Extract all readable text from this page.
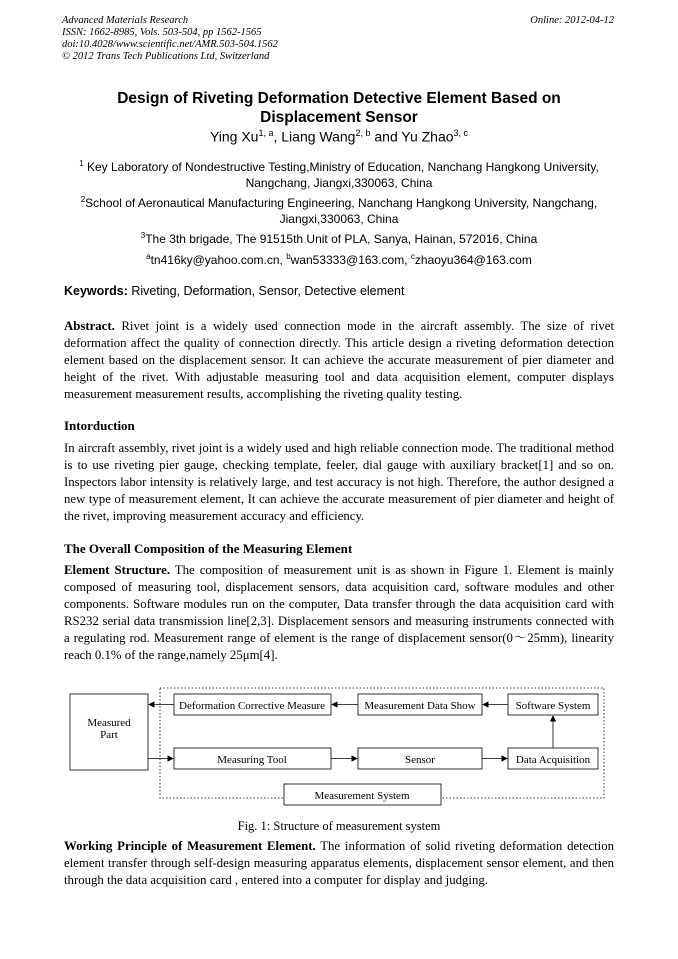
Advanced Materials Research
ISSN: 1662-8985, Vols. 503-504, pp 1562-1565
doi:10.4028/www.scientific.net/AMR.503-504.1562
© 2012 Trans Tech Publications Ltd, Switzerland
Online: 2012-04-12
Design of Riveting Deformation Detective Element Based on
Displacement Sensor
Ying Xu$^{1, a}$, Liang Wang$^{2, b}$ and Yu Zhao$^{3, c}$
$^1$ Key Laboratory of Nondestructive Testing,Ministry of Education, Nanchang Hangkong University, Nangchang, Jiangxi,330063, China
$^2$School of Aeronautical Manufacturing Engineering, Nanchang Hangkong University, Nangchang, Jiangxi,330063, China
$^3$The 3th brigade, The 91515th Unit of PLA, Sanya, Hainan, 572016, China
$^a$tn416ky@yahoo.com.cn, $^b$wan53333@163.com, $^c$zhaoyu364@163.com
Keywords: Riveting, Deformation, Sensor, Detective element
Abstract. Rivet joint is a widely used connection mode in the aircraft assembly. The size of rivet deformation affect the quality of connection directly. This article design a riveting deformation detection element based on the displacement sensor. It can achieve the accurate measurement of pier diameter and height of the rivet. With adjustable measuring tool and data acquisition element, computer displays measurement measurement results, accomplishing the riveting quality testing.
Intorduction
In aircraft assembly, rivet joint is a widely used and high reliable connection mode. The traditional method is to use riveting pier gauge, checking template, feeler, dial gauge with auxiliary bracket[1] and so on. Inspectors labor intensity is relatively large, and test accuracy is not high. Therefore, the author designed a new type of measurement element, It can achieve the accurate measurement of pier diameter and height of the rivet, improving measurement accuracy and efficiency.
The Overall Composition of the Measuring Element
Element Structure. The composition of measurement unit is as shown in Figure 1. Element is mainly composed of measuring tool, displacement sensors, data acquisition card, software modules and other components. Software modules run on the computer, Data transfer through the data acquisition card with RS232 serial data transmission line[2,3]. Displacement sensors and measuring instruments connected with a regulating rod. Measurement range of element is the range of displacement sensor(0～25mm), linearity reach 0.1% of the range,namely 25μm[4].
Measured
Part
Deformation Corrective Measure	Measurement Data Show	Software System
Measuring Tool	Sensor	Data Acquisition
Measurement System
Fig. 1: Structure of measurement system
Working Principle of Measurement Element. The information of solid riveting deformation detection element transfer through self-design measuring apparatus elements, displacement sensor element, and then through the data acquisition card , entered into a computer for display and judging.
